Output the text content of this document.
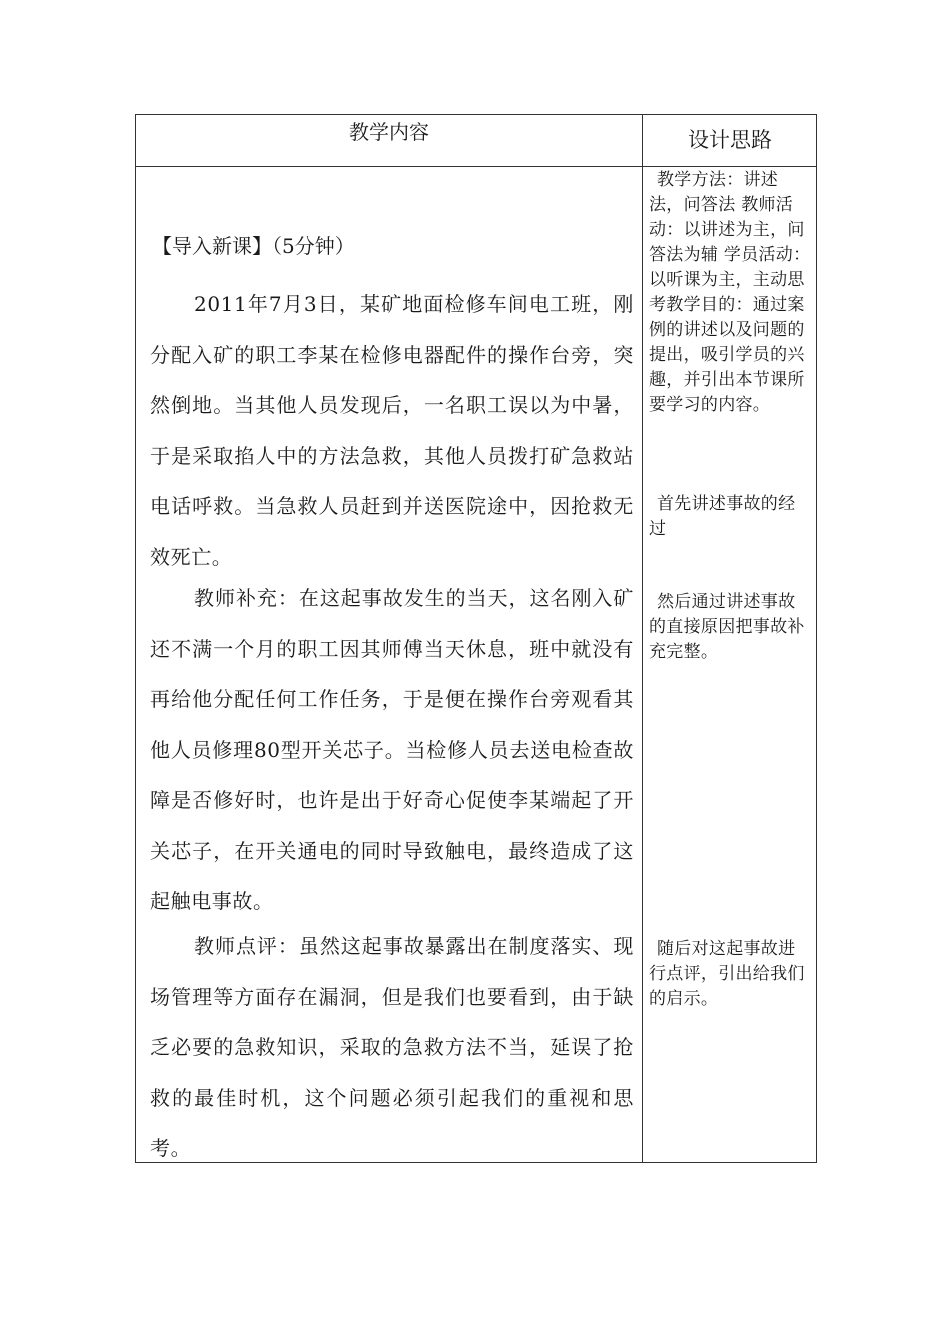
教学内容	设计思路
【导入新课】（5分钟）
2011年7月3日，某矿地面检修车间电工班，刚分配入矿的职工李某在检修电器配件的操作台旁，突然倒地。当其他人员发现后，一名职工误以为中暑，于是采取掐人中的方法急救，其他人员拨打矿急救站电话呼救。当急救人员赶到并送医院途中，因抢救无效死亡。
教师补充：在这起事故发生的当天，这名刚入矿还不满一个月的职工因其师傅当天休息，班中就没有再给他分配任何工作任务，于是便在操作台旁观看其他人员修理80型开关芯子。当检修人员去送电检查故障是否修好时，也许是出于好奇心促使李某端起了开关芯子，在开关通电的同时导致触电，最终造成了这起触电事故。
教师点评：虽然这起事故暴露出在制度落实、现场管理等方面存在漏洞，但是我们也要看到，由于缺乏必要的急救知识，采取的急救方法不当，延误了抢救的最佳时机，这个问题必须引起我们的重视和思考。
教学方法：讲述法，问答法 教师活动：以讲述为主，问答法为辅 学员活动：以听课为主，主动思考教学目的：通过案例的讲述以及问题的提出，吸引学员的兴趣，并引出本节课所要学习的内容。
首先讲述事故的经过
然后通过讲述事故的直接原因把事故补充完整。
随后对这起事故进行点评，引出给我们的启示。
